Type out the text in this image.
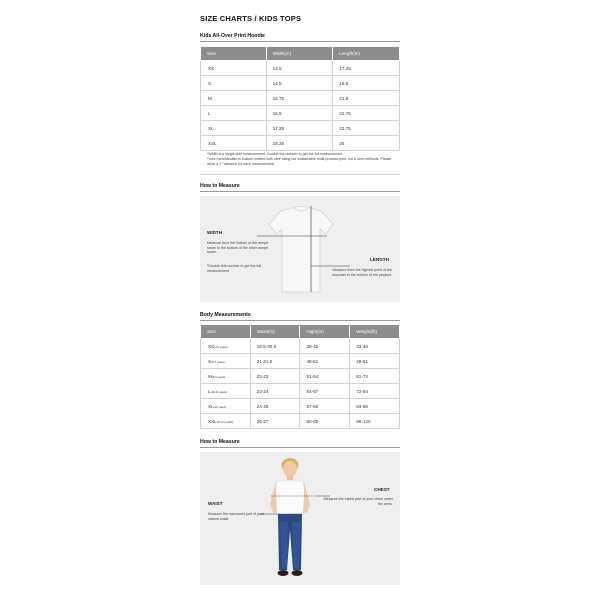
SIZE CHARTS / KIDS TOPS
Kids All-Over Print Hoodie
Size	Width(in)	Length(in)
XS	13.5	17.25
S	14.5	19.5
M	15.75	21.5
L	16.5	22.75
XL	17.25	23.75
XXL	18.25	25
*Width is a single side measurement. Double the number to get the full measurement.
*Your merchandise is custom crafted with care using our sustainable multi-process print, cut & sew methods. Please allow a 1" variance for each measurement.
How to Measure
WIDTH
Measure from the bottom of the armpit seam to the bottom of the other armpit seam.
*Double this number to get the full measurement.
LENGTH
Measure from the highest point of the shoulder to the bottom of the product.
Body Measurements
Size	Waist(in)	Hight(in)	Weight(lb)
XS(4-5 years)	19.5-20.5	39-45	33-48
S(6-7 years)	21-21.5	48-51	48-61
M(8-9 years)	22-23	51-54	61-72
L(10-11 years)	23-24	54-57	72-84
XL(12 years)	24-25	57-60	84-96
XXL(13-14 years)	25-27	60-65	96-120
How to Measure
CHEST
Measure the fullest part of your chest under the arms.
WAIST
Measure the narrowest part of your natural waist.
